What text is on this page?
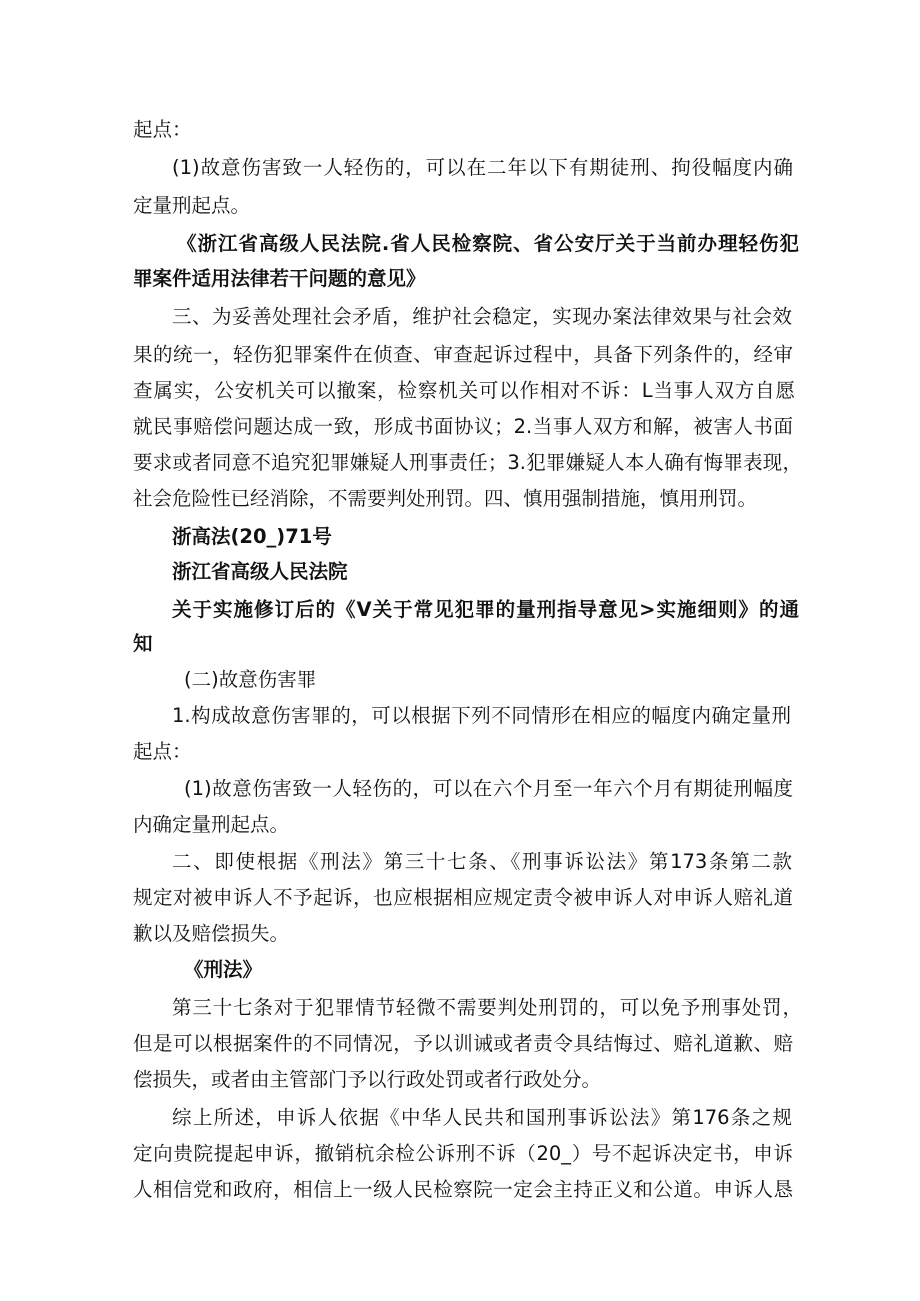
起点：
(1)故意伤害致一人轻伤的，可以在二年以下有期徒刑、拘役幅度内确
定量刑起点。
《浙江省高级人民法院.省人民检察院、省公安厅关于当前办理轻伤犯
罪案件适用法律若干问题的意见》
三、为妥善处理社会矛盾，维护社会稳定，实现办案法律效果与社会效
果的统一，轻伤犯罪案件在侦查、审查起诉过程中，具备下列条件的，经审
查属实，公安机关可以撤案，检察机关可以作相对不诉：L当事人双方自愿
就民事赔偿问题达成一致，形成书面协议；2.当事人双方和解，被害人书面
要求或者同意不追究犯罪嫌疑人刑事责任；3.犯罪嫌疑人本人确有悔罪表现，
社会危险性已经消除，不需要判处刑罚。四、慎用强制措施，慎用刑罚。
浙高法(20_)71号
浙江省高级人民法院
关于实施修订后的《V关于常见犯罪的量刑指导意见>实施细则》的通
知
(二)故意伤害罪
1.构成故意伤害罪的，可以根据下列不同情形在相应的幅度内确定量刑
起点：
(1)故意伤害致一人轻伤的，可以在六个月至一年六个月有期徒刑幅度
内确定量刑起点。
二、即使根据《刑法》第三十七条、《刑事诉讼法》第173条第二款
规定对被申诉人不予起诉，也应根据相应规定责令被申诉人对申诉人赔礼道
歉以及赔偿损失。
《刑法》
第三十七条对于犯罪情节轻微不需要判处刑罚的，可以免予刑事处罚，
但是可以根据案件的不同情况，予以训诫或者责令具结悔过、赔礼道歉、赔
偿损失，或者由主管部门予以行政处罚或者行政处分。
综上所述，申诉人依据《中华人民共和国刑事诉讼法》第176条之规
定向贵院提起申诉，撤销杭余检公诉刑不诉（20_）号不起诉决定书，申诉
人相信党和政府，相信上一级人民检察院一定会主持正义和公道。申诉人恳
